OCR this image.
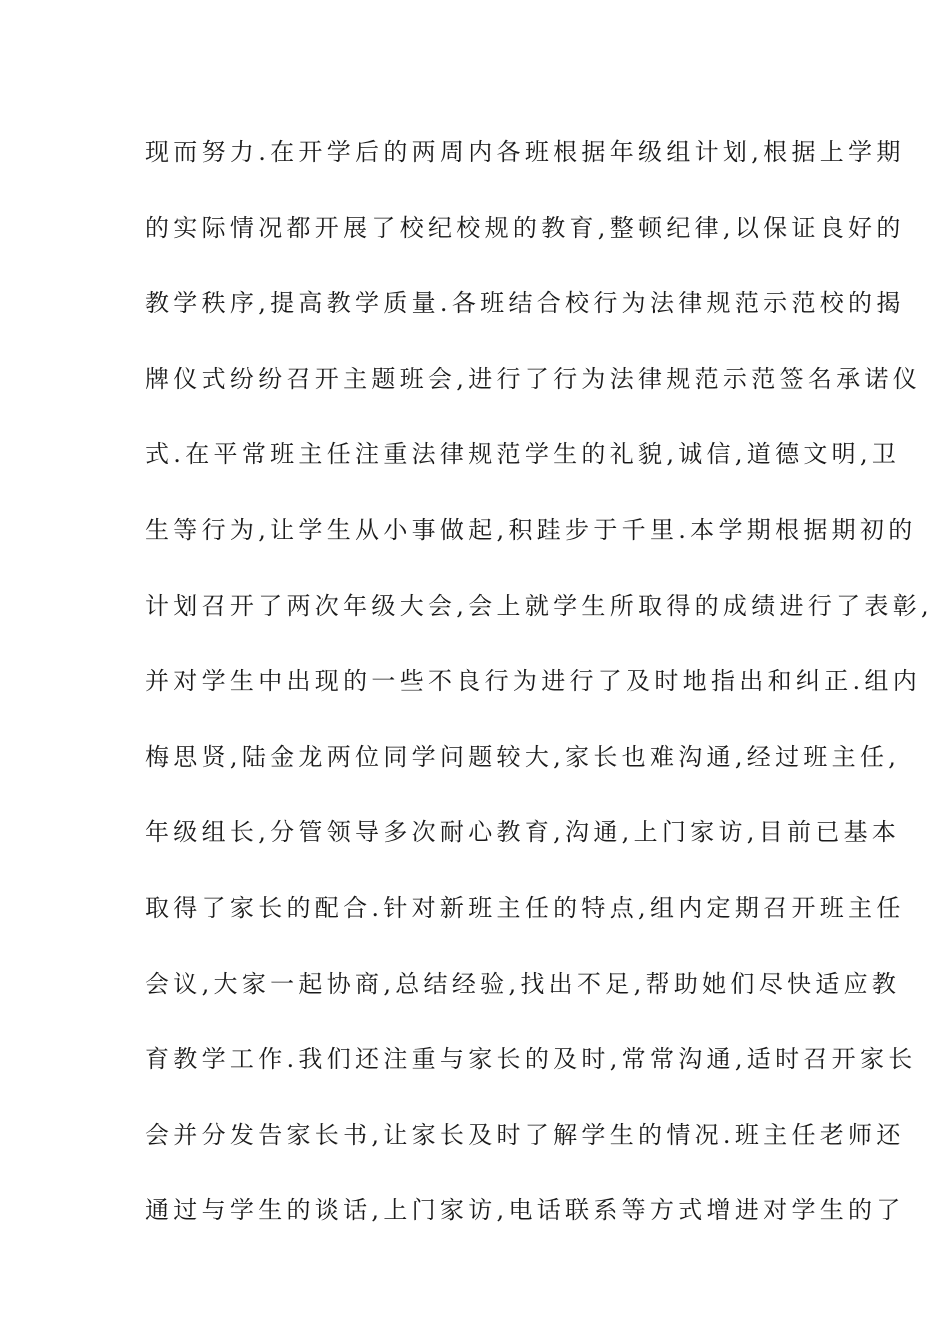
现而努力.在开学后的两周内各班根据年级组计划,根据上学期
的实际情况都开展了校纪校规的教育,整顿纪律,以保证良好的
教学秩序,提高教学质量.各班结合校行为法律规范示范校的揭
牌仪式纷纷召开主题班会,进行了行为法律规范示范签名承诺仪
式.在平常班主任注重法律规范学生的礼貌,诚信,道德文明,卫
生等行为,让学生从小事做起,积跬步于千里.本学期根据期初的
计划召开了两次年级大会,会上就学生所取得的成绩进行了表彰,
并对学生中出现的一些不良行为进行了及时地指出和纠正.组内
梅思贤,陆金龙两位同学问题较大,家长也难沟通,经过班主任,
年级组长,分管领导多次耐心教育,沟通,上门家访,目前已基本
取得了家长的配合.针对新班主任的特点,组内定期召开班主任
会议,大家一起协商,总结经验,找出不足,帮助她们尽快适应教
育教学工作.我们还注重与家长的及时,常常沟通,适时召开家长
会并分发告家长书,让家长及时了解学生的情况.班主任老师还
通过与学生的谈话,上门家访,电话联系等方式增进对学生的了
